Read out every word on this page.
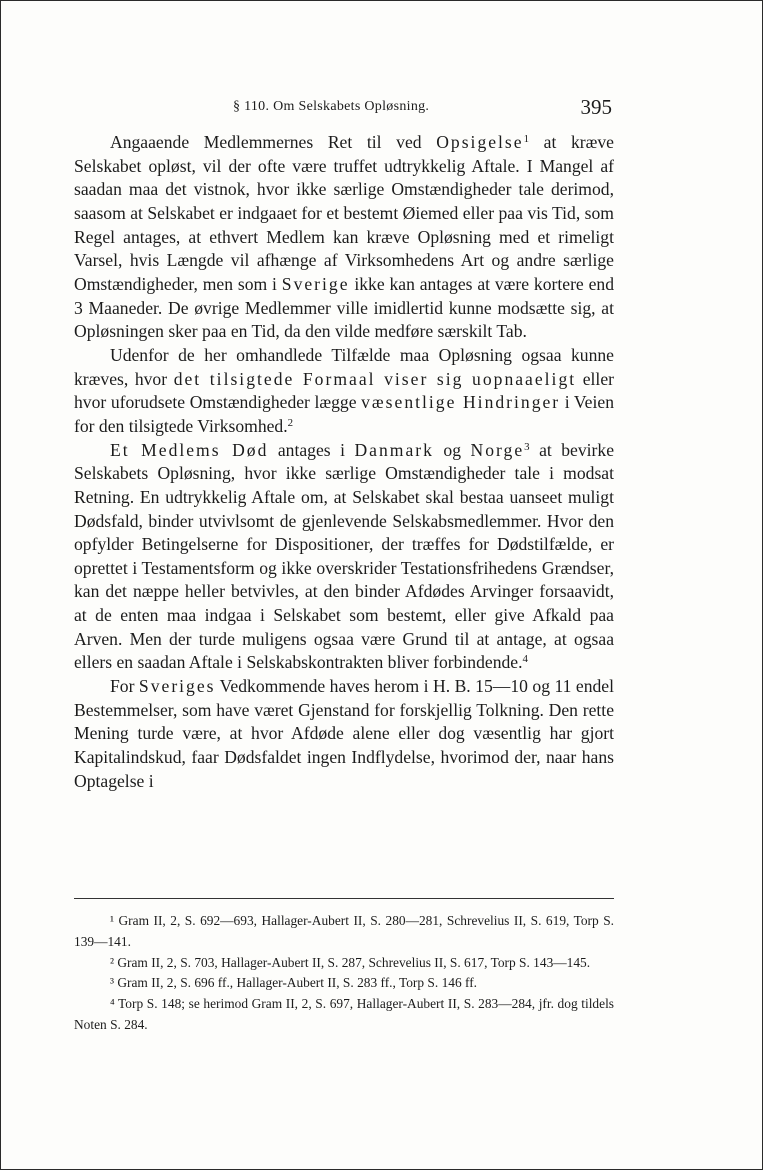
§ 110. Om Selskabets Opløsning.	395

Angaaende Medlemmernes Ret til ved Opsigelse$^1$ at kræve Selskabet opløst, vil der ofte være truffet udtrykkelig Aftale. I Mangel af saadan maa det vistnok, hvor ikke særlige Omstændigheder tale derimod, saasom at Selskabet er indgaaet for et bestemt Øiemed eller paa vis Tid, som Regel antages, at ethvert Medlem kan kræve Opløsning med et rimeligt Varsel, hvis Længde vil afhænge af Virksomhedens Art og andre særlige Omstændigheder, men som i Sverige ikke kan antages at være kortere end 3 Maaneder. De øvrige Medlemmer ville imidlertid kunne modsætte sig, at Opløsningen sker paa en Tid, da den vilde medføre særskilt Tab.

Udenfor de her omhandlede Tilfælde maa Opløsning ogsaa kunne kræves, hvor det tilsigtede Formaal viser sig uopnaaeligt eller hvor uforudsete Omstændigheder lægge væsentlige Hindringer i Veien for den tilsigtede Virksomhed.$^2$

Et Medlems Død antages i Danmark og Norge$^3$ at bevirke Selskabets Opløsning, hvor ikke særlige Omstændigheder tale i modsat Retning. En udtrykkelig Aftale om, at Selskabet skal bestaa uanseet muligt Dødsfald, binder utvivlsomt de gjenlevende Selskabsmedlemmer. Hvor den opfylder Betingelserne for Dispositioner, der træffes for Dødstilfælde, er oprettet i Testamentsform og ikke overskrider Testationsfrihedens Grændser, kan det næppe heller betvivles, at den binder Afdødes Arvinger forsaavidt, at de enten maa indgaa i Selskabet som bestemt, eller give Afkald paa Arven. Men der turde muligens ogsaa være Grund til at antage, at ogsaa ellers en saadan Aftale i Selskabskontrakten bliver forbindende.$^4$

For Sveriges Vedkommende haves herom i H. B. 15—10 og 11 endel Bestemmelser, som have været Gjenstand for forskjellig Tolkning. Den rette Mening turde være, at hvor Afdøde alene eller dog væsentlig har gjort Kapitalindskud, faar Dødsfaldet ingen Indflydelse, hvorimod der, naar hans Optagelse i

¹ Gram II, 2, S. 692—693, Hallager-Aubert II, S. 280—281, Schrevelius II, S. 619, Torp S. 139—141.

² Gram II, 2, S. 703, Hallager-Aubert II, S. 287, Schrevelius II, S. 617, Torp S. 143—145.

³ Gram II, 2, S. 696 ff., Hallager-Aubert II, S. 283 ff., Torp S. 146 ff.

⁴ Torp S. 148; se herimod Gram II, 2, S. 697, Hallager-Aubert II, S. 283—284, jfr. dog tildels Noten S. 284.
